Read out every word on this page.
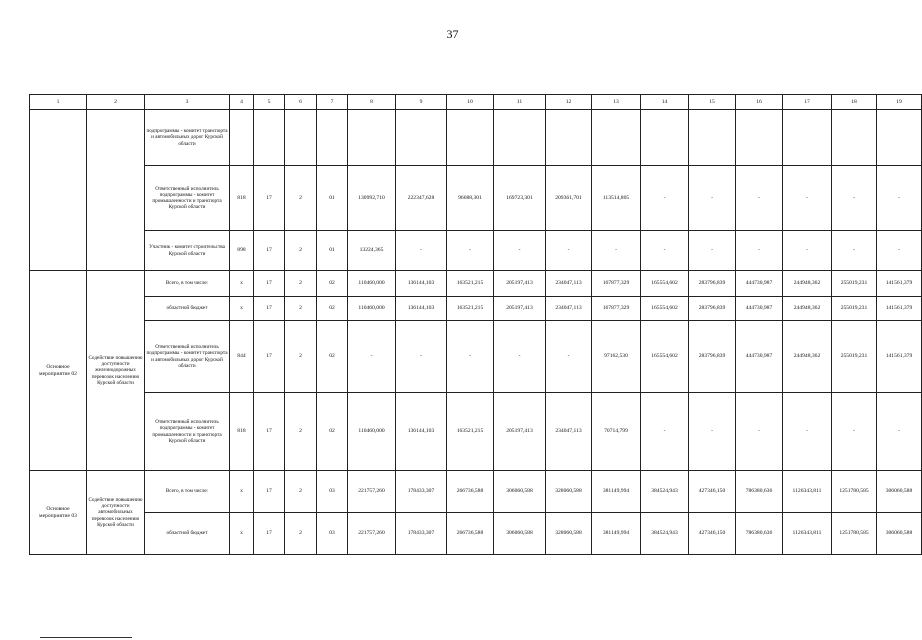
37
1	2	3	4	5	6	7	8	9	10	11	12	13	14	15	16	17	18	19
		подпрограммы - комитет транспорта и автомобильных дорог Курской области																
		Ответственный исполнитель подпрограммы - комитет промышленности и транспорта Курской области	818	17	2	01	130992,710	222347,628	96688,301	169723,301	209361,701	113514,805	-	-	-	-	-	-
		Участник - комитет строительства Курской области	898	17	2	01	13224,365	-	-	-	-	-	-	-	-	-	-	-
Основное мероприятие 02	Содействие повышению доступности железнодорожных перевозок населению Курской области	Всего, в том числе:	x	17	2	02	110460,000	136144,103	163521,215	205197,413	234047,113	167877,329	165554,602	283796,839	444730,987	244948,362	255019,231	141561,379
		областной бюджет	x	17	2	02	110460,000	136144,103	163521,215	205197,413	234047,113	167877,329	165554,602	283796,839	444730,987	244948,362	255019,231	141561,379
		Ответственный исполнитель подпрограммы - комитет транспорта и автомобильных дорог Курской области	844	17	2	02	-	-	-	-	-	97162,530	165554,602	283796,839	444730,987	244948,362	255019,231	141561,379
		Ответственный исполнитель подпрограммы - комитет промышленности и транспорта Курской области	818	17	2	02	110460,000	136144,103	163521,215	205197,413	234047,113	70714,799	-	-	-	-	-	-
Основное мероприятие 03	Содействие повышению доступности автомобильных перевозок населению Курской области	Всего, в том числе:	x	17	2	03	221757,260	178433,307	266736,588	306060,588	328060,588	381149,994	384524,943	427346,150	786380,636	1126343,811	1251780,585	306060,588
		областной бюджет	x	17	2	03	221757,260	178433,307	266736,588	306060,588	328060,588	381149,994	384524,943	427346,150	786380,636	1126343,811	1251780,585	306060,588
